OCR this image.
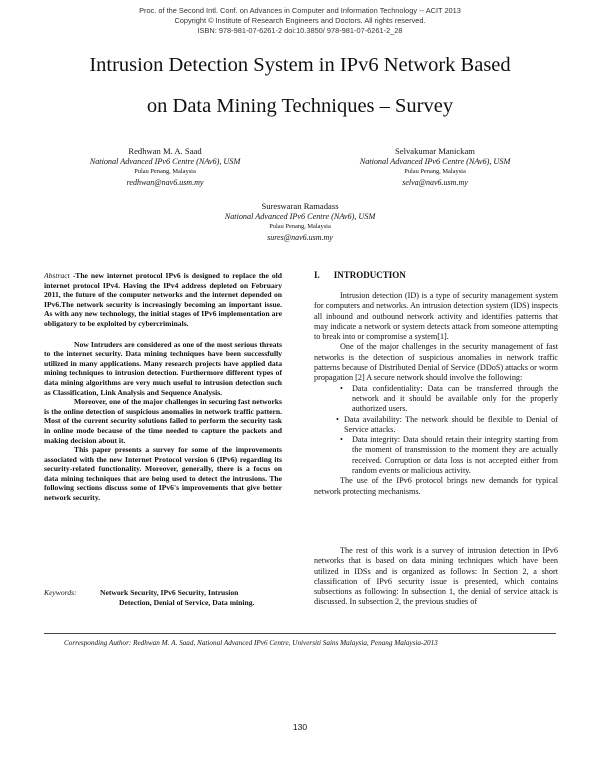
Proc. of the Second Intl. Conf. on Advances in Computer and Information Technology -- ACIT 2013
Copyright © Institute of Research Engineers and Doctors. All rights reserved.
ISBN: 978-981-07-6261-2 doi:10.3850/ 978-981-07-6261-2_28
Intrusion Detection System in IPv6 Network Based
on Data Mining Techniques – Survey
Redhwan M. A. Saad
National Advanced IPv6 Centre (NAv6), USM
Pulau Penang, Malaysia
redhwan@nav6.usm.my
Selvakumar Manickam
National Advanced IPv6 Centre (NAv6), USM
Pulau Penang, Malaysia
selva@nav6.usm.my
Sureswaran Ramadass
National Advanced IPv6 Centre (NAv6), USM
Pulau Penang, Malaysia
sures@nav6.usm.my

Abstract -The new internet protocol IPv6 is designed to replace the old internet protocol IPv4. Having the IPv4 address depleted on February 2011, the future of the computer networks and the internet depended on IPv6.The network security is increasingly becoming an important issue. As with any new technology, the initial stages of IPv6 implementation are obligatory to be exploited by cybercriminals.

Now Intruders are considered as one of the most serious threats to the internet security. Data mining techniques have been successfully utilized in many applications. Many research projects have applied data mining techniques to intrusion detection. Furthermore different types of data mining algorithms are very much useful to intrusion detection such as Classification, Link Analysis and Sequence Analysis.

Moreover, one of the major challenges in securing fast networks is the online detection of suspicious anomalies in network traffic pattern. Most of the current security solutions failed to perform the security task in online mode because of the time needed to capture the packets and making decision about it.

This paper presents a survey for some of the improvements associated with the new Internet Protocol version 6 (IPv6) regarding its security-related functionality. Moreover, generally, there is a focus on data mining techniques that are being used to detect the intrusions. The following sections discuss some of IPv6's improvements that give better network security.

Keywords:	Network Security, IPv6 Security, Intrusion
Detection, Denial of Service, Data mining.
I. INTRODUCTION

Intrusion detection (ID) is a type of security management system for computers and networks. An intrusion detection system (IDS) inspects all inbound and outbound network activity and identifies patterns that may indicate a network or system detects attack from someone attempting to break into or compromise a system[1].

One of the major challenges in the security management of fast networks is the detection of suspicious anomalies in network traffic patterns because of Distributed Denial of Service (DDoS) attacks or worm propagation [2] A secure network should involve the following:

• Data confidentiality: Data can be transferred through the network and it should be available only for the properly authorized users.
• Data availability: The network should be flexible to Denial of Service attacks.
• Data integrity: Data should retain their integrity starting from the moment of transmission to the moment they are actually received. Corruption or data loss is not accepted either from random events or malicious activity.

The use of the IPv6 protocol brings new demands for typical network protecting mechanisms.

The rest of this work is a survey of intrusion detection in IPv6 networks that is based on data mining techniques which have been utilized in IDSs and is organized as follows: In Section 2, a short classification of IPv6 security issue is presented, which contains subsections as following: In subsection 1, the denial of service attack is discussed. In subsection 2, the previous studies of

Corresponding Author: Redhwan M. A. Saad, National Advanced IPv6 Centre, Universiti Sains Malaysia, Penang Malaysia-2013
130
